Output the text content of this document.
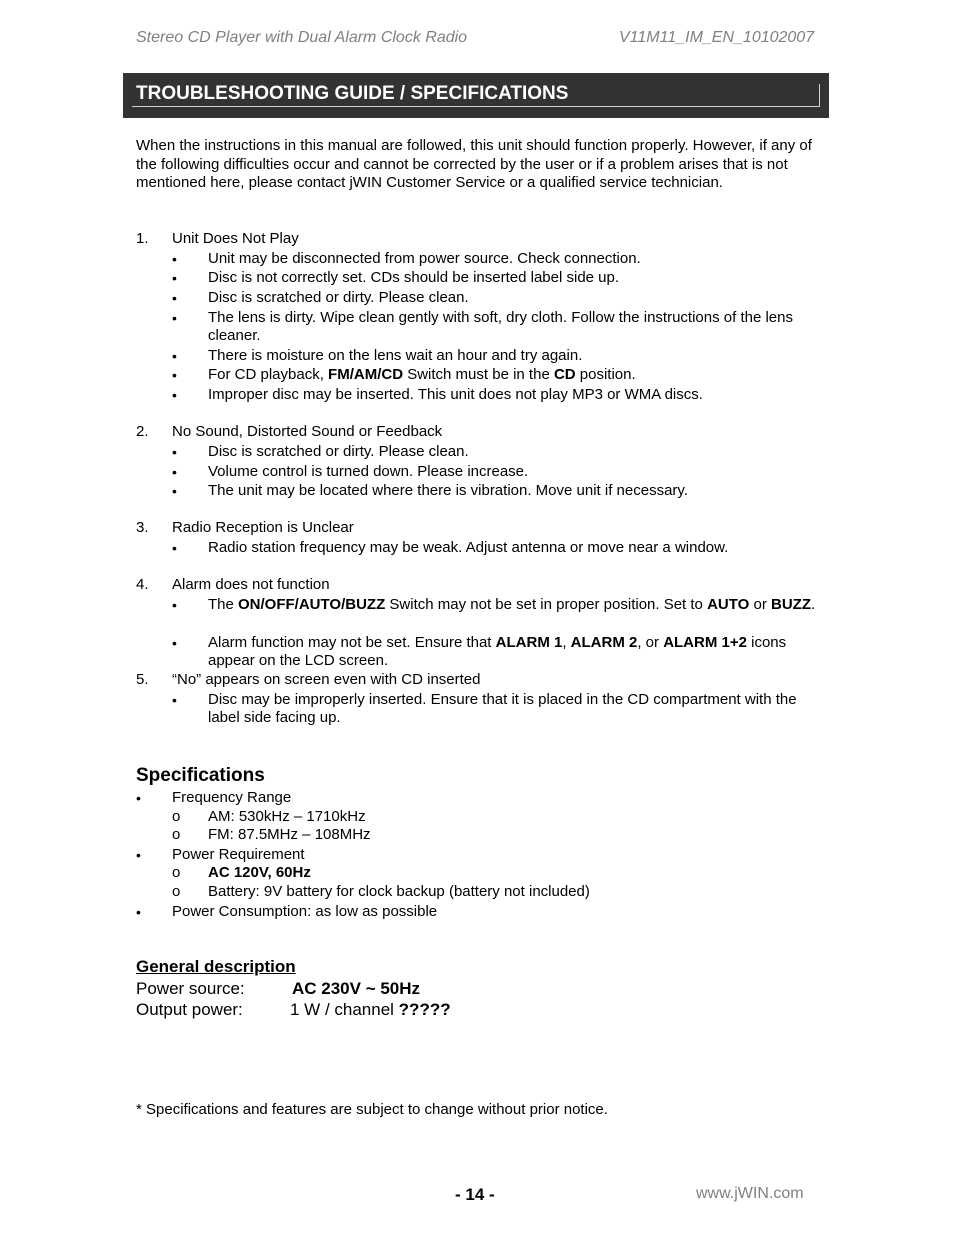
Stereo CD Player with Dual Alarm Clock Radio	V11M11_IM_EN_10102007
TROUBLESHOOTING GUIDE / SPECIFICATIONS
When the instructions in this manual are followed, this unit should function properly. However, if any of the following difficulties occur and cannot be corrected by the user or if a problem arises that is not mentioned here, please contact jWIN Customer Service or a qualified service technician.
1. Unit Does Not Play
• Unit may be disconnected from power source. Check connection.
• Disc is not correctly set. CDs should be inserted label side up.
• Disc is scratched or dirty. Please clean.
• The lens is dirty. Wipe clean gently with soft, dry cloth. Follow the instructions of the lens cleaner.
• There is moisture on the lens wait an hour and try again.
• For CD playback, FM/AM/CD Switch must be in the CD position.
• Improper disc may be inserted. This unit does not play MP3 or WMA discs.
2. No Sound, Distorted Sound or Feedback
• Disc is scratched or dirty. Please clean.
• Volume control is turned down. Please increase.
• The unit may be located where there is vibration. Move unit if necessary.
3. Radio Reception is Unclear
• Radio station frequency may be weak. Adjust antenna or move near a window.
4. Alarm does not function
• The ON/OFF/AUTO/BUZZ Switch may not be set in proper position. Set to AUTO or BUZZ.
• Alarm function may not be set. Ensure that ALARM 1, ALARM 2, or ALARM 1+2 icons appear on the LCD screen.
5. “No” appears on screen even with CD inserted
• Disc may be improperly inserted. Ensure that it is placed in the CD compartment with the label side facing up.
Specifications
• Frequency Range
o AM: 530kHz – 1710kHz
o FM: 87.5MHz – 108MHz
• Power Requirement
o AC 120V, 60Hz
o Battery: 9V battery for clock backup (battery not included)
• Power Consumption: as low as possible
General description
Power source:	AC 230V ~ 50Hz
Output power:	1 W / channel ?????
* Specifications and features are subject to change without prior notice.
- 14 -	www.jWIN.com
